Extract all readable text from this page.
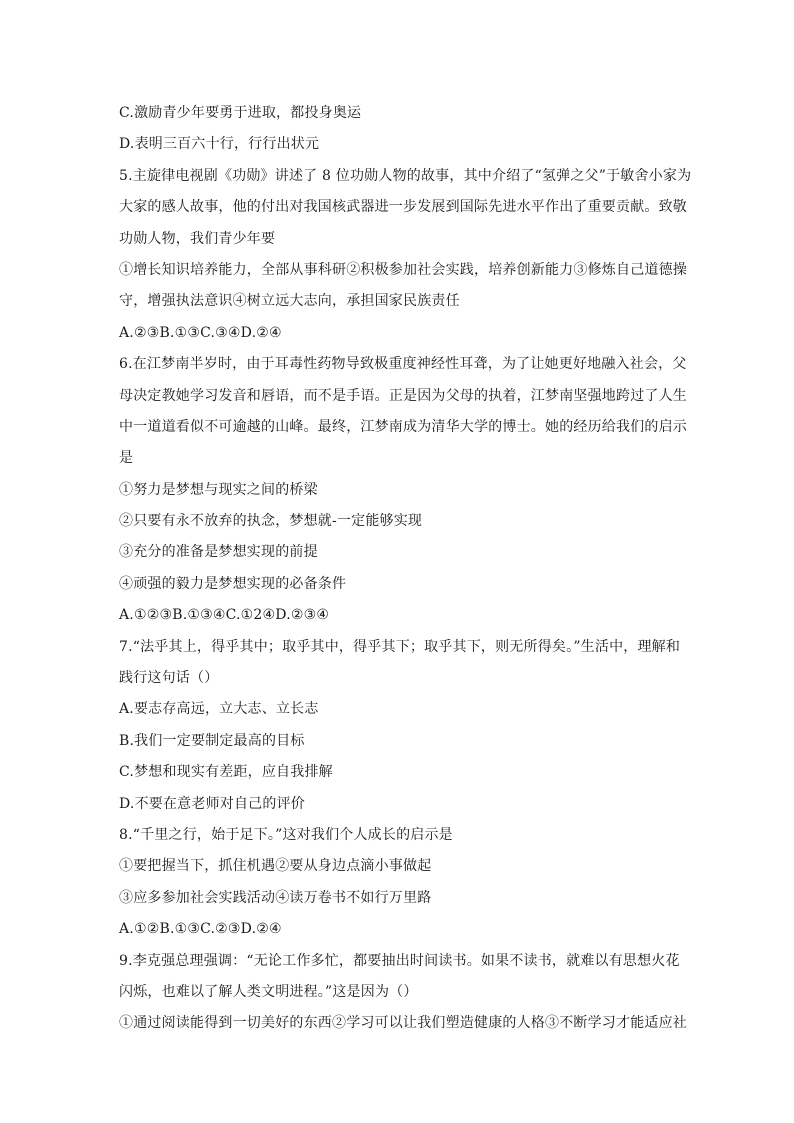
C.激励青少年要勇于进取，都投身奥运
D.表明三百六十行，行行出状元
5.主旋律电视剧《功勋》讲述了 8 位功勋人物的故事，其中介绍了“氢弹之父”于敏舍小家为
大家的感人故事，他的付出对我国核武器进一步发展到国际先进水平作出了重要贡献。致敬
功勋人物，我们青少年要
①增长知识培养能力，全部从事科研②积极参加社会实践，培养创新能力③修炼自己道德操
守，增强执法意识④树立远大志向，承担国家民族责任
A.②③B.①③C.③④D.②④
6.在江梦南半岁时，由于耳毒性药物导致极重度神经性耳聋，为了让她更好地融入社会，父
母决定教她学习发音和唇语，而不是手语。正是因为父母的执着，江梦南坚强地跨过了人生
中一道道看似不可逾越的山峰。最终，江梦南成为清华大学的博士。她的经历给我们的启示
是
①努力是梦想与现实之间的桥梁
②只要有永不放弃的执念，梦想就-一定能够实现
③充分的准备是梦想实现的前提
④顽强的毅力是梦想实现的必备条件
A.①②③B.①③④C.①2④D.②③④
7.“法乎其上，得乎其中；取乎其中，得乎其下；取乎其下，则无所得矣。”生活中，理解和
践行这句话（）
A.要志存高远，立大志、立长志
B.我们一定要制定最高的目标
C.梦想和现实有差距，应自我排解
D.不要在意老师对自己的评价
8.“千里之行，始于足下。”这对我们个人成长的启示是
①要把握当下，抓住机遇②要从身边点滴小事做起
③应多参加社会实践活动④读万卷书不如行万里路
A.①②B.①③C.②③D.②④
9.李克强总理强调：“无论工作多忙，都要抽出时间读书。如果不读书，就难以有思想火花
闪烁，也难以了解人类文明进程。”这是因为（）
①通过阅读能得到一切美好的东西②学习可以让我们塑造健康的人格③不断学习才能适应社
